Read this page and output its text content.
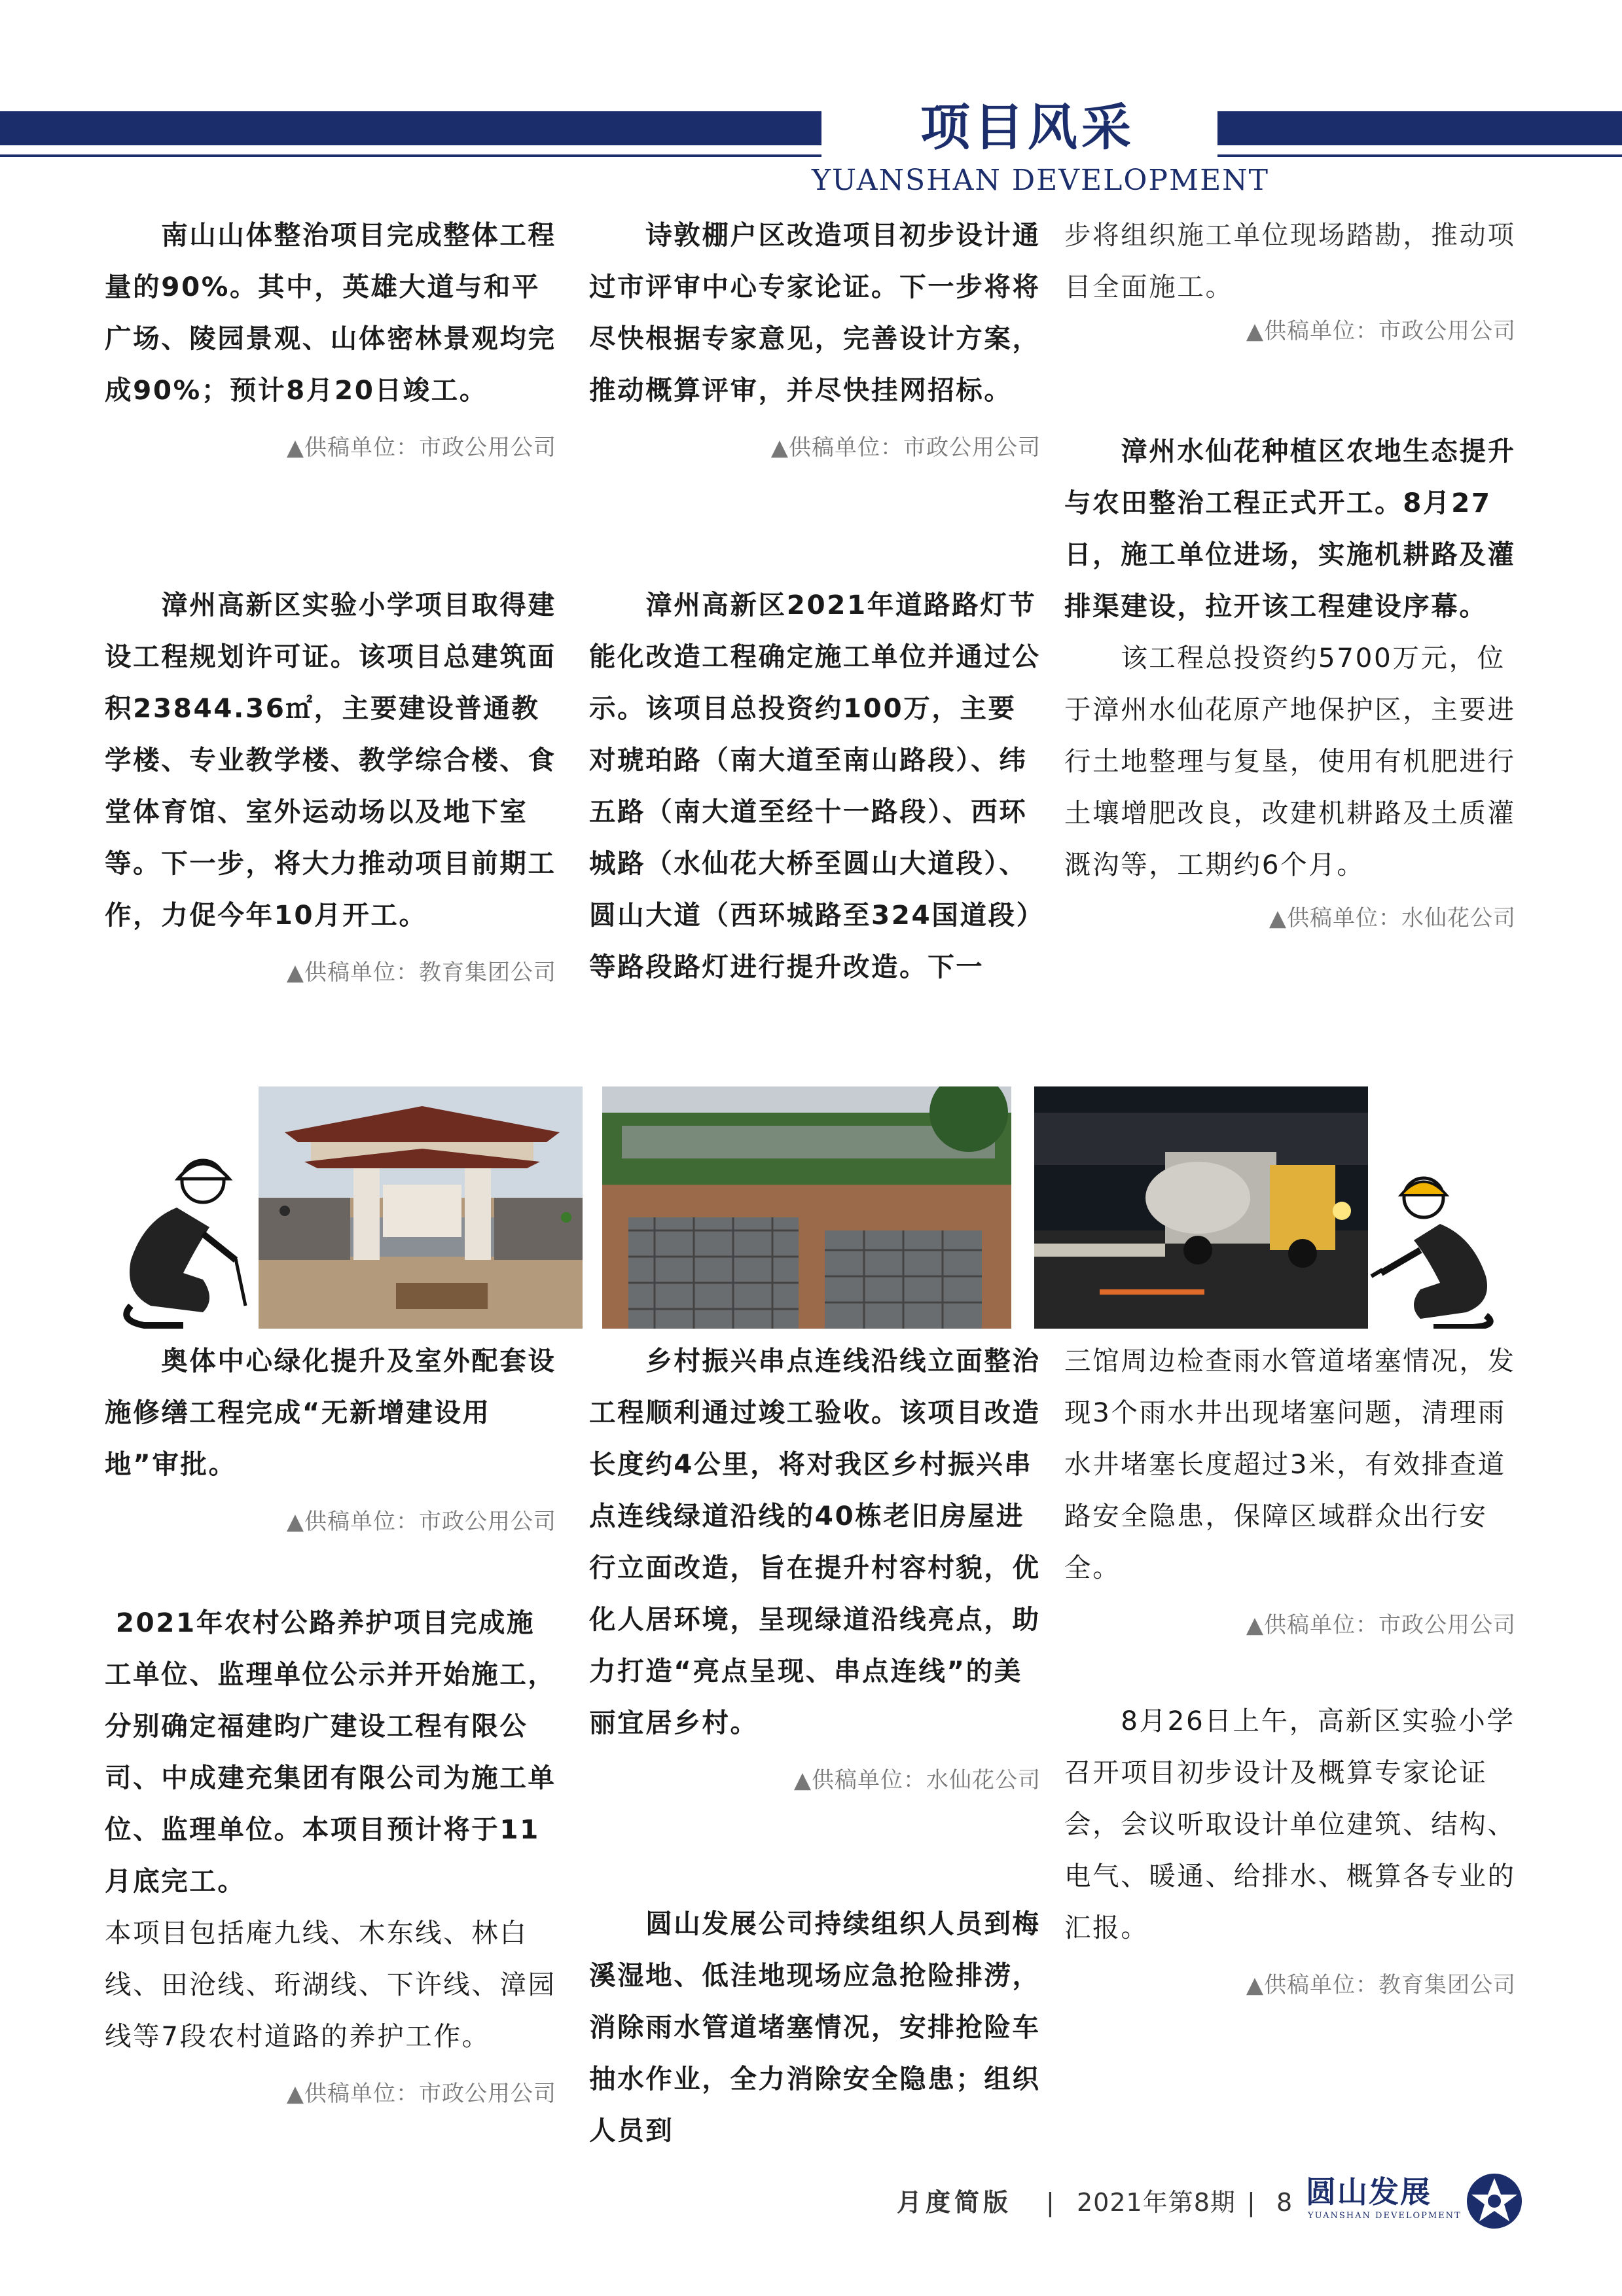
项目风采
YUANSHAN DEVELOPMENT

　　南山山体整治项目完成整体工程量的90%。其中，英雄大道与和平广场、陵园景观、山体密林景观均完成90%；预计8月20日竣工。

▲供稿单位：市政公用公司

　　漳州高新区实验小学项目取得建设工程规划许可证。该项目总建筑面积23844.36㎡，主要建设普通教学楼、专业教学楼、教学综合楼、食堂体育馆、室外运动场以及地下室等。下一步，将大力推动项目前期工作，力促今年10月开工。

▲供稿单位：教育集团公司

　　诗敦棚户区改造项目初步设计通过市评审中心专家论证。下一步将将尽快根据专家意见，完善设计方案，推动概算评审，并尽快挂网招标。

▲供稿单位：市政公用公司

　　漳州高新区2021年道路路灯节能化改造工程确定施工单位并通过公示。该项目总投资约100万，主要对琥珀路（南大道至南山路段）、纬五路（南大道至经十一路段）、西环城路（水仙花大桥至圆山大道段）、圆山大道（西环城路至324国道段）等路段路灯进行提升改造。下一

步将组织施工单位现场踏勘，推动项目全面施工。

▲供稿单位：市政公用公司

　　漳州水仙花种植区农地生态提升与农田整治工程正式开工。8月27日，施工单位进场，实施机耕路及灌排渠建设，拉开该工程建设序幕。

　　该工程总投资约5700万元，位于漳州水仙花原产地保护区，主要进行土地整理与复垦，使用有机肥进行土壤增肥改良，改建机耕路及土质灌溉沟等，工期约6个月。

▲供稿单位：水仙花公司

　　奥体中心绿化提升及室外配套设施修缮工程完成“无新增建设用地”审批。

▲供稿单位：市政公用公司

2021年农村公路养护项目完成施工单位、监理单位公示并开始施工，分别确定福建昀广建设工程有限公司、中成建充集团有限公司为施工单位、监理单位。本项目预计将于11月底完工。

本项目包括庵九线、木东线、林白线、田沧线、珩湖线、下许线、漳园线等7段农村道路的养护工作。

▲供稿单位：市政公用公司

　　乡村振兴串点连线沿线立面整治工程顺利通过竣工验收。该项目改造长度约4公里，将对我区乡村振兴串点连线绿道沿线的40栋老旧房屋进行立面改造，旨在提升村容村貌，优化人居环境，呈现绿道沿线亮点，助力打造“亮点呈现、串点连线”的美丽宜居乡村。

▲供稿单位：水仙花公司

　　圆山发展公司持续组织人员到梅溪湿地、低洼地现场应急抢险排涝，消除雨水管道堵塞情况，安排抢险车抽水作业，全力消除安全隐患；组织人员到

三馆周边检查雨水管道堵塞情况，发现3个雨水井出现堵塞问题，清理雨水井堵塞长度超过3米，有效排查道路安全隐患，保障区域群众出行安全。

▲供稿单位：市政公用公司

　　8月26日上午，高新区实验小学召开项目初步设计及概算专家论证会，会议听取设计单位建筑、结构、电气、暖通、给排水、概算各专业的汇报。

▲供稿单位：教育集团公司

月度简版 | 2021年第8期 | 8 圆山发展
YUANSHAN DEVELOPMENT
